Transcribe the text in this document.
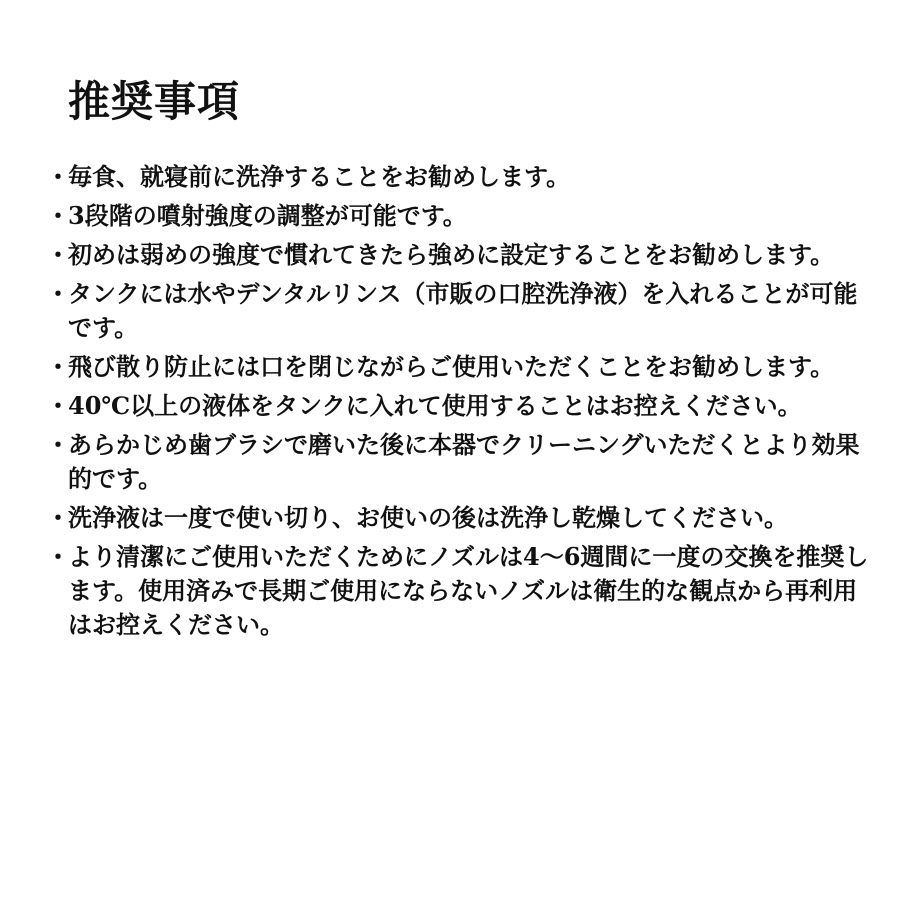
推奨事項
・
毎食、就寝前に洗浄することをお勧めします。
・
3段階の噴射強度の調整が可能です。
・
初めは弱めの強度で慣れてきたら強めに設定することをお勧めします。
・
タンクには水やデンタルリンス（市販の口腔洗浄液）を入れることが可能です。
・
飛び散り防止には口を閉じながらご使用いただくことをお勧めします。
・
40℃以上の液体をタンクに入れて使用することはお控えください。
・
あらかじめ歯ブラシで磨いた後に本器でクリーニングいただくとより効果的です。
・
洗浄液は一度で使い切り、お使いの後は洗浄し乾燥してください。
・
より清潔にご使用いただくためにノズルは4〜6週間に一度の交換を推奨します。使用済みで長期ご使用にならないノズルは衛生的な観点から再利用はお控えください。
